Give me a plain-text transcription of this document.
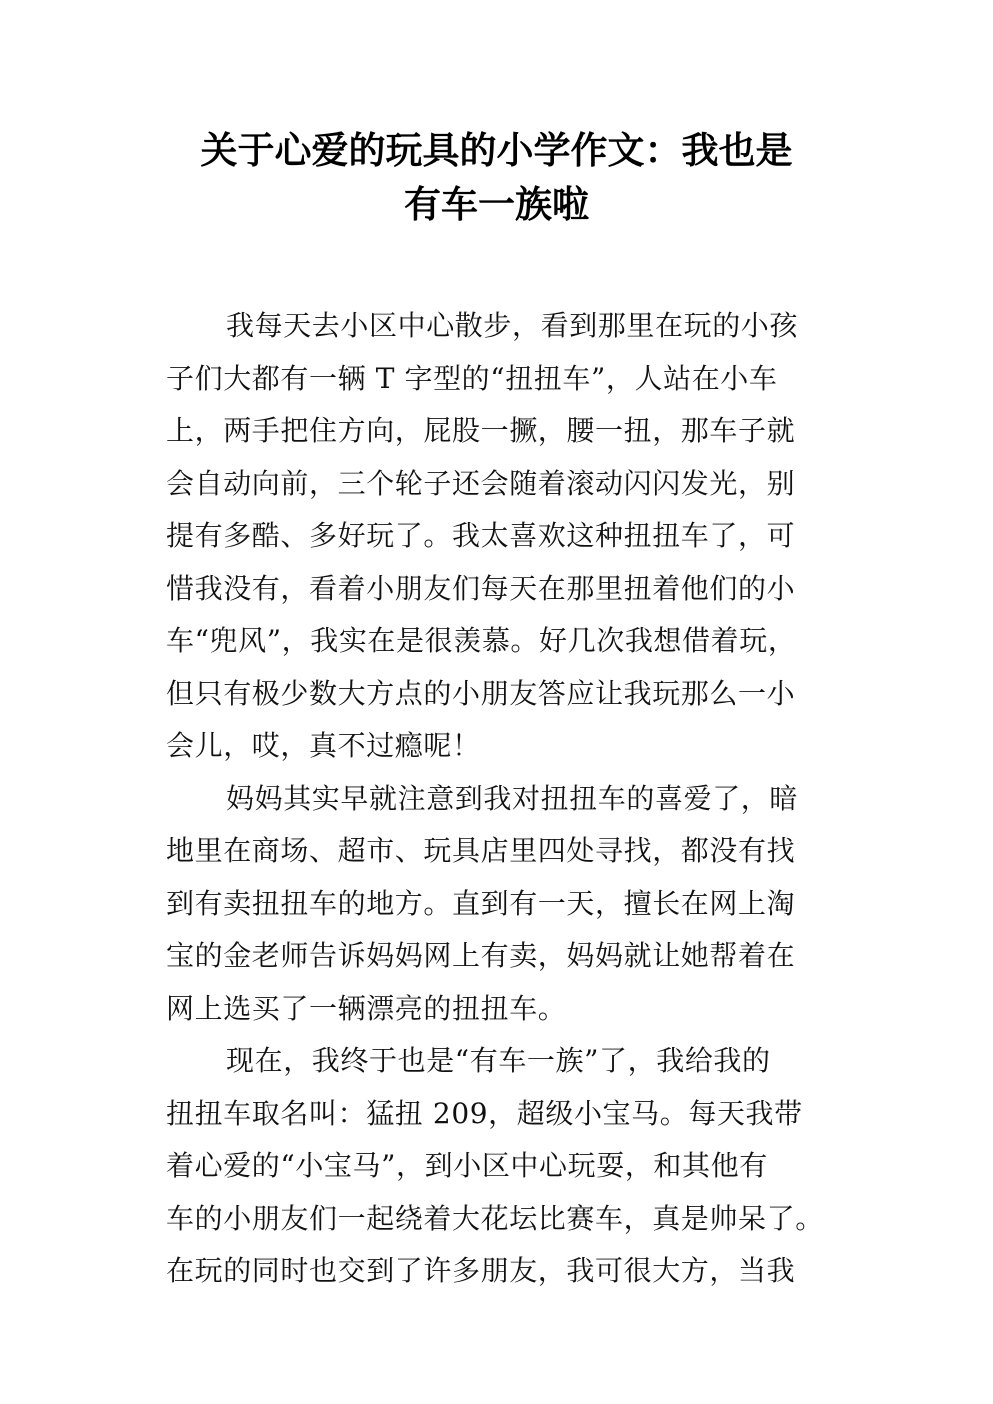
关于心爱的玩具的小学作文：我也是
有车一族啦
我每天去小区中心散步，看到那里在玩的小孩
子们大都有一辆 T 字型的“扭扭车”，人站在小车
上，两手把住方向，屁股一撅，腰一扭，那车子就
会自动向前，三个轮子还会随着滚动闪闪发光，别
提有多酷、多好玩了。我太喜欢这种扭扭车了，可
惜我没有，看着小朋友们每天在那里扭着他们的小
车“兜风”，我实在是很羡慕。好几次我想借着玩，
但只有极少数大方点的小朋友答应让我玩那么一小
会儿，哎，真不过瘾呢！
妈妈其实早就注意到我对扭扭车的喜爱了，暗
地里在商场、超市、玩具店里四处寻找，都没有找
到有卖扭扭车的地方。直到有一天，擅长在网上淘
宝的金老师告诉妈妈网上有卖，妈妈就让她帮着在
网上选买了一辆漂亮的扭扭车。
现在，我终于也是“有车一族”了，我给我的
扭扭车取名叫：猛扭 209，超级小宝马。每天我带
着心爱的“小宝马”，到小区中心玩耍，和其他有
车的小朋友们一起绕着大花坛比赛车，真是帅呆了。
在玩的同时也交到了许多朋友，我可很大方，当我
